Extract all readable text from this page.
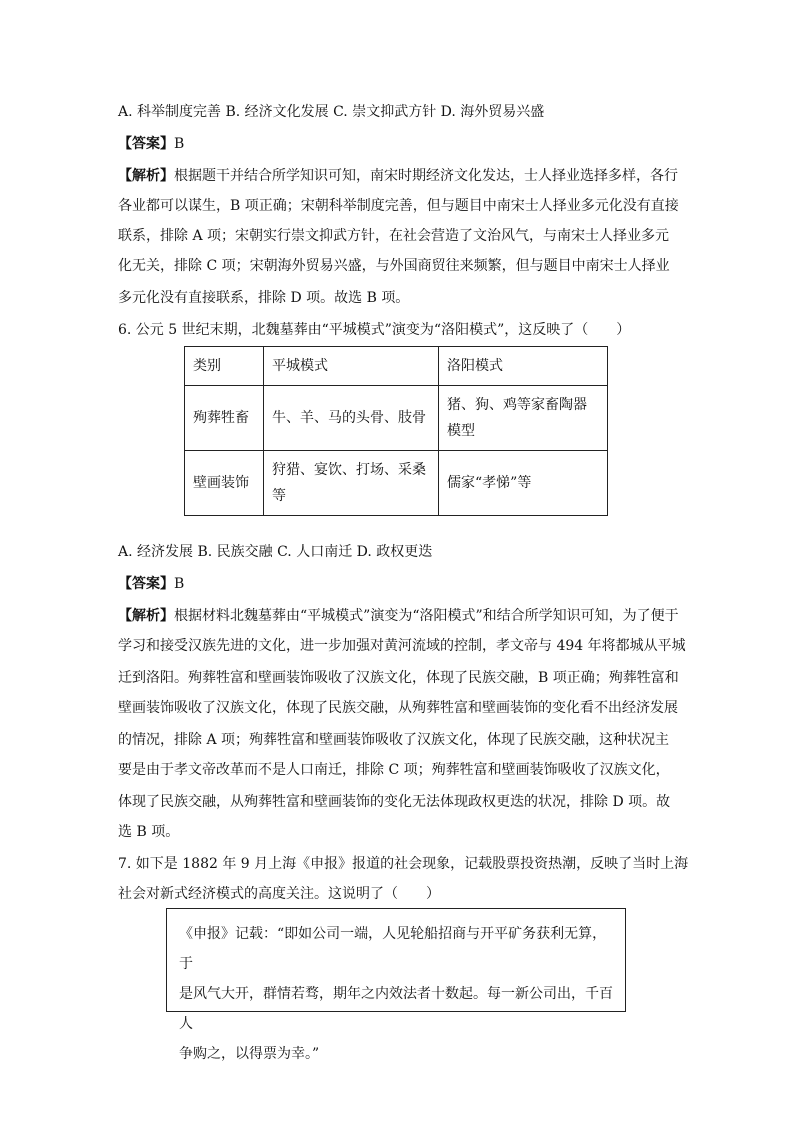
A. 科举制度完善 B. 经济文化发展 C. 崇文抑武方针 D. 海外贸易兴盛
【答案】B
【解析】根据题干并结合所学知识可知，南宋时期经济文化发达，士人择业选择多样，各行
各业都可以谋生，B 项正确；宋朝科举制度完善，但与题目中南宋士人择业多元化没有直接
联系，排除 A 项；宋朝实行崇文抑武方针，在社会营造了文治风气，与南宋士人择业多元
化无关，排除 C 项；宋朝海外贸易兴盛，与外国商贸往来频繁，但与题目中南宋士人择业
多元化没有直接联系，排除 D 项。故选 B 项。
6. 公元 5 世纪末期，北魏墓葬由“平城模式”演变为“洛阳模式”，这反映了（　　）
类别	平城模式	洛阳模式
殉葬牲畜	牛、羊、马的头骨、肢骨	猪、狗、鸡等家畜陶器模型
壁画装饰	狩猎、宴饮、打场、采桑等	儒家“孝悌”等
A. 经济发展 B. 民族交融 C. 人口南迁 D. 政权更迭
【答案】B
【解析】根据材料北魏墓葬由“平城模式”演变为“洛阳模式”和结合所学知识可知，为了便于
学习和接受汉族先进的文化，进一步加强对黄河流域的控制，孝文帝与 494 年将都城从平城
迁到洛阳。殉葬牲富和壁画装饰吸收了汉族文化，体现了民族交融，B 项正确；殉葬牲富和
壁画装饰吸收了汉族文化，体现了民族交融，从殉葬牲富和壁画装饰的变化看不出经济发展
的情况，排除 A 项；殉葬牲富和壁画装饰吸收了汉族文化，体现了民族交融，这种状况主
要是由于孝文帝改革而不是人口南迁，排除 C 项；殉葬牲富和壁画装饰吸收了汉族文化，
体现了民族交融，从殉葬牲富和壁画装饰的变化无法体现政权更迭的状况，排除 D 项。故
选 B 项。
7. 如下是 1882 年 9 月上海《申报》报道的社会现象，记载股票投资热潮，反映了当时上海
社会对新式经济模式的高度关注。这说明了（　　）
《申报》记载：“即如公司一端，人见轮船招商与开平矿务获利无算，于
是风气大开，群情若骛，期年之内效法者十数起。每一新公司出，千百人
争购之，以得票为幸。”
